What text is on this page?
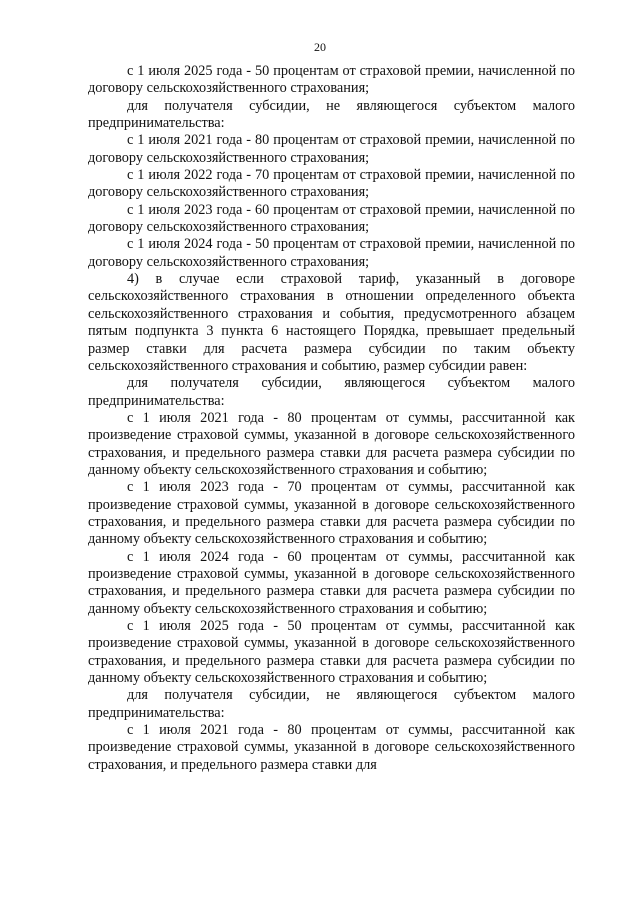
20

с 1 июля 2025 года - 50 процентам от страховой премии, начисленной по договору сельскохозяйственного страхования;

для получателя субсидии, не являющегося субъектом малого предпринимательства:

с 1 июля 2021 года - 80 процентам от страховой премии, начисленной по договору сельскохозяйственного страхования;

с 1 июля 2022 года - 70 процентам от страховой премии, начисленной по договору сельскохозяйственного страхования;

с 1 июля 2023 года - 60 процентам от страховой премии, начисленной по договору сельскохозяйственного страхования;

с 1 июля 2024 года - 50 процентам от страховой премии, начисленной по договору сельскохозяйственного страхования;

4) в случае если страховой тариф, указанный в договоре сельскохозяйственного страхования в отношении определенного объекта сельскохозяйственного страхования и события, предусмотренного абзацем пятым подпункта 3 пункта 6 настоящего Порядка, превышает предельный размер ставки для расчета размера субсидии по таким объекту сельскохозяйственного страхования и событию, размер субсидии равен:

для получателя субсидии, являющегося субъектом малого предпринимательства:

с 1 июля 2021 года - 80 процентам от суммы, рассчитанной как произведение страховой суммы, указанной в договоре сельскохозяйственного страхования, и предельного размера ставки для расчета размера субсидии по данному объекту сельскохозяйственного страхования и событию;

с 1 июля 2023 года - 70 процентам от суммы, рассчитанной как произведение страховой суммы, указанной в договоре сельскохозяйственного страхования, и предельного размера ставки для расчета размера субсидии по данному объекту сельскохозяйственного страхования и событию;

с 1 июля 2024 года - 60 процентам от суммы, рассчитанной как произведение страховой суммы, указанной в договоре сельскохозяйственного страхования, и предельного размера ставки для расчета размера субсидии по данному объекту сельскохозяйственного страхования и событию;

с 1 июля 2025 года - 50 процентам от суммы, рассчитанной как произведение страховой суммы, указанной в договоре сельскохозяйственного страхования, и предельного размера ставки для расчета размера субсидии по данному объекту сельскохозяйственного страхования и событию;

для получателя субсидии, не являющегося субъектом малого предпринимательства:

с 1 июля 2021 года - 80 процентам от суммы, рассчитанной как произведение страховой суммы, указанной в договоре сельскохозяйственного страхования, и предельного размера ставки для
